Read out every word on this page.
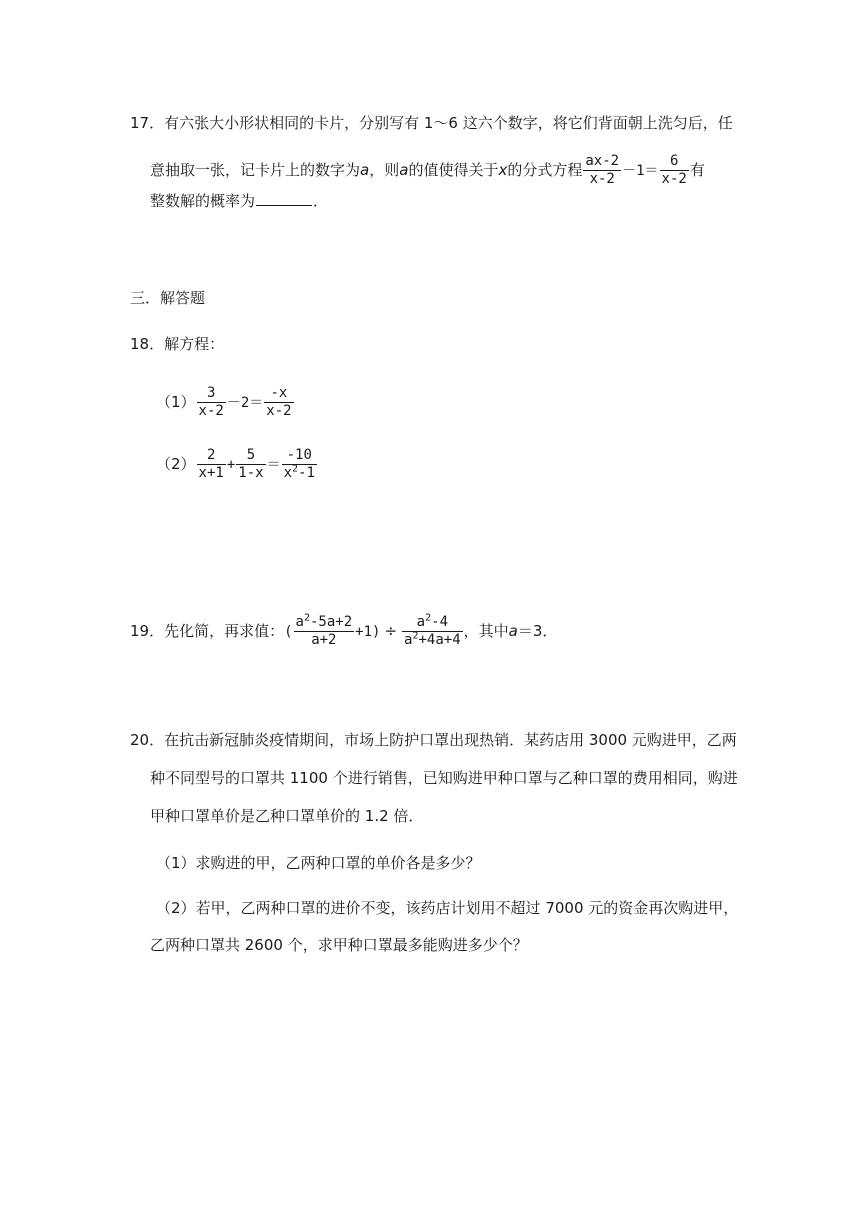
17．有六张大小形状相同的卡片，分别写有 1～6 这六个数字，将它们背面朝上洗匀后，任
意抽取一张，记卡片上的数字为a，则a的值使得关于x的分式方程 $\frac{ax-2}{x-2} -1= \frac{6}{x-2}$ 有
整数解的概率为	．
三．解答题
18．解方程：
$(1) \frac{3}{x-2} -2= \frac{-x}{x-2}$
$(2) \frac{2}{x+1} + \frac{5}{1-x} = \frac{-10}{x^2-1}$
19．先化简，再求值：( $\frac{a^2-5a+2}{a+2} +1) \div \frac{a^2-4}{a^2+4a+4}$ ，其中a＝3．
20．在抗击新冠肺炎疫情期间，市场上防护口罩出现热销．某药店用 3000 元购进甲，乙两
种不同型号的口罩共 1100 个进行销售，已知购进甲种口罩与乙种口罩的费用相同，购进
甲种口罩单价是乙种口罩单价的 1.2 倍．
（1）求购进的甲，乙两种口罩的单价各是多少？
（2）若甲，乙两种口罩的进价不变，该药店计划用不超过 7000 元的资金再次购进甲，
乙两种口罩共 2600 个，求甲种口罩最多能购进多少个？
